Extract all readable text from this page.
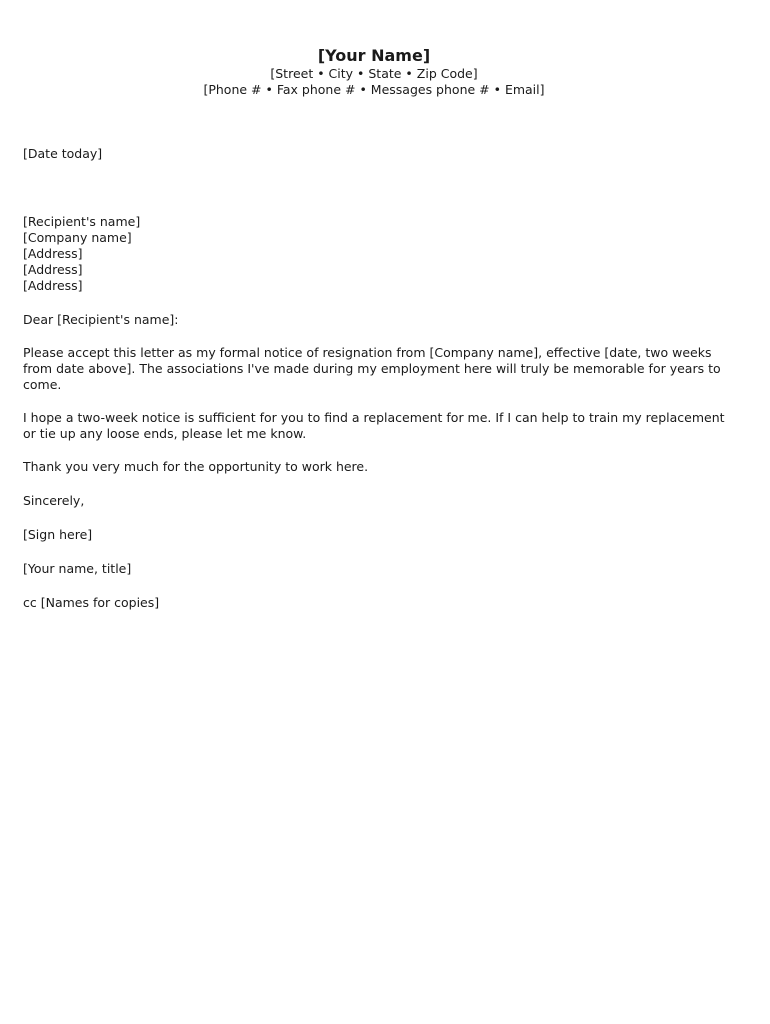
[Your Name]
[Street • City • State • Zip Code]
[Phone # • Fax phone # • Messages phone # • Email]
[Date today]

[Recipient's name]

[Company name]

[Address]

[Address]

[Address]

Dear [Recipient's name]:
Please accept this letter as my formal notice of resignation from [Company name], effective [date, two weeks from date above]. The associations I've made during my employment here will truly be memorable for years to come.
I hope a two-week notice is sufficient for you to find a replacement for me. If I can help to train my replacement or tie up any loose ends, please let me know.
Thank you very much for the opportunity to work here.
Sincerely,
[Sign here]
[Your name, title]
cc [Names for copies]
